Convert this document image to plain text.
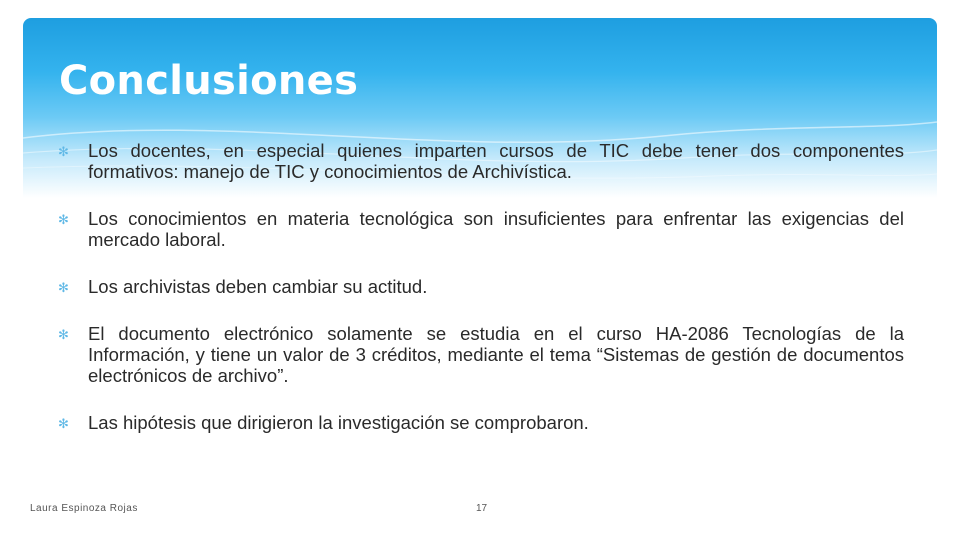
Conclusiones
✻ Los docentes, en especial quienes imparten cursos de TIC debe tener dos componentes formativos: manejo de TIC y conocimientos de Archivística.
✻ Los conocimientos en materia tecnológica son insuficientes para enfrentar las exigencias del mercado laboral.
✻ Los archivistas deben cambiar su actitud.
✻ El documento electrónico solamente se estudia en el curso HA-2086 Tecnologías de la Información, y tiene un valor de 3 créditos, mediante el tema “Sistemas de gestión de documentos electrónicos de archivo”.
✻ Las hipótesis que dirigieron la investigación se comprobaron.
Laura Espinoza Rojas	17
